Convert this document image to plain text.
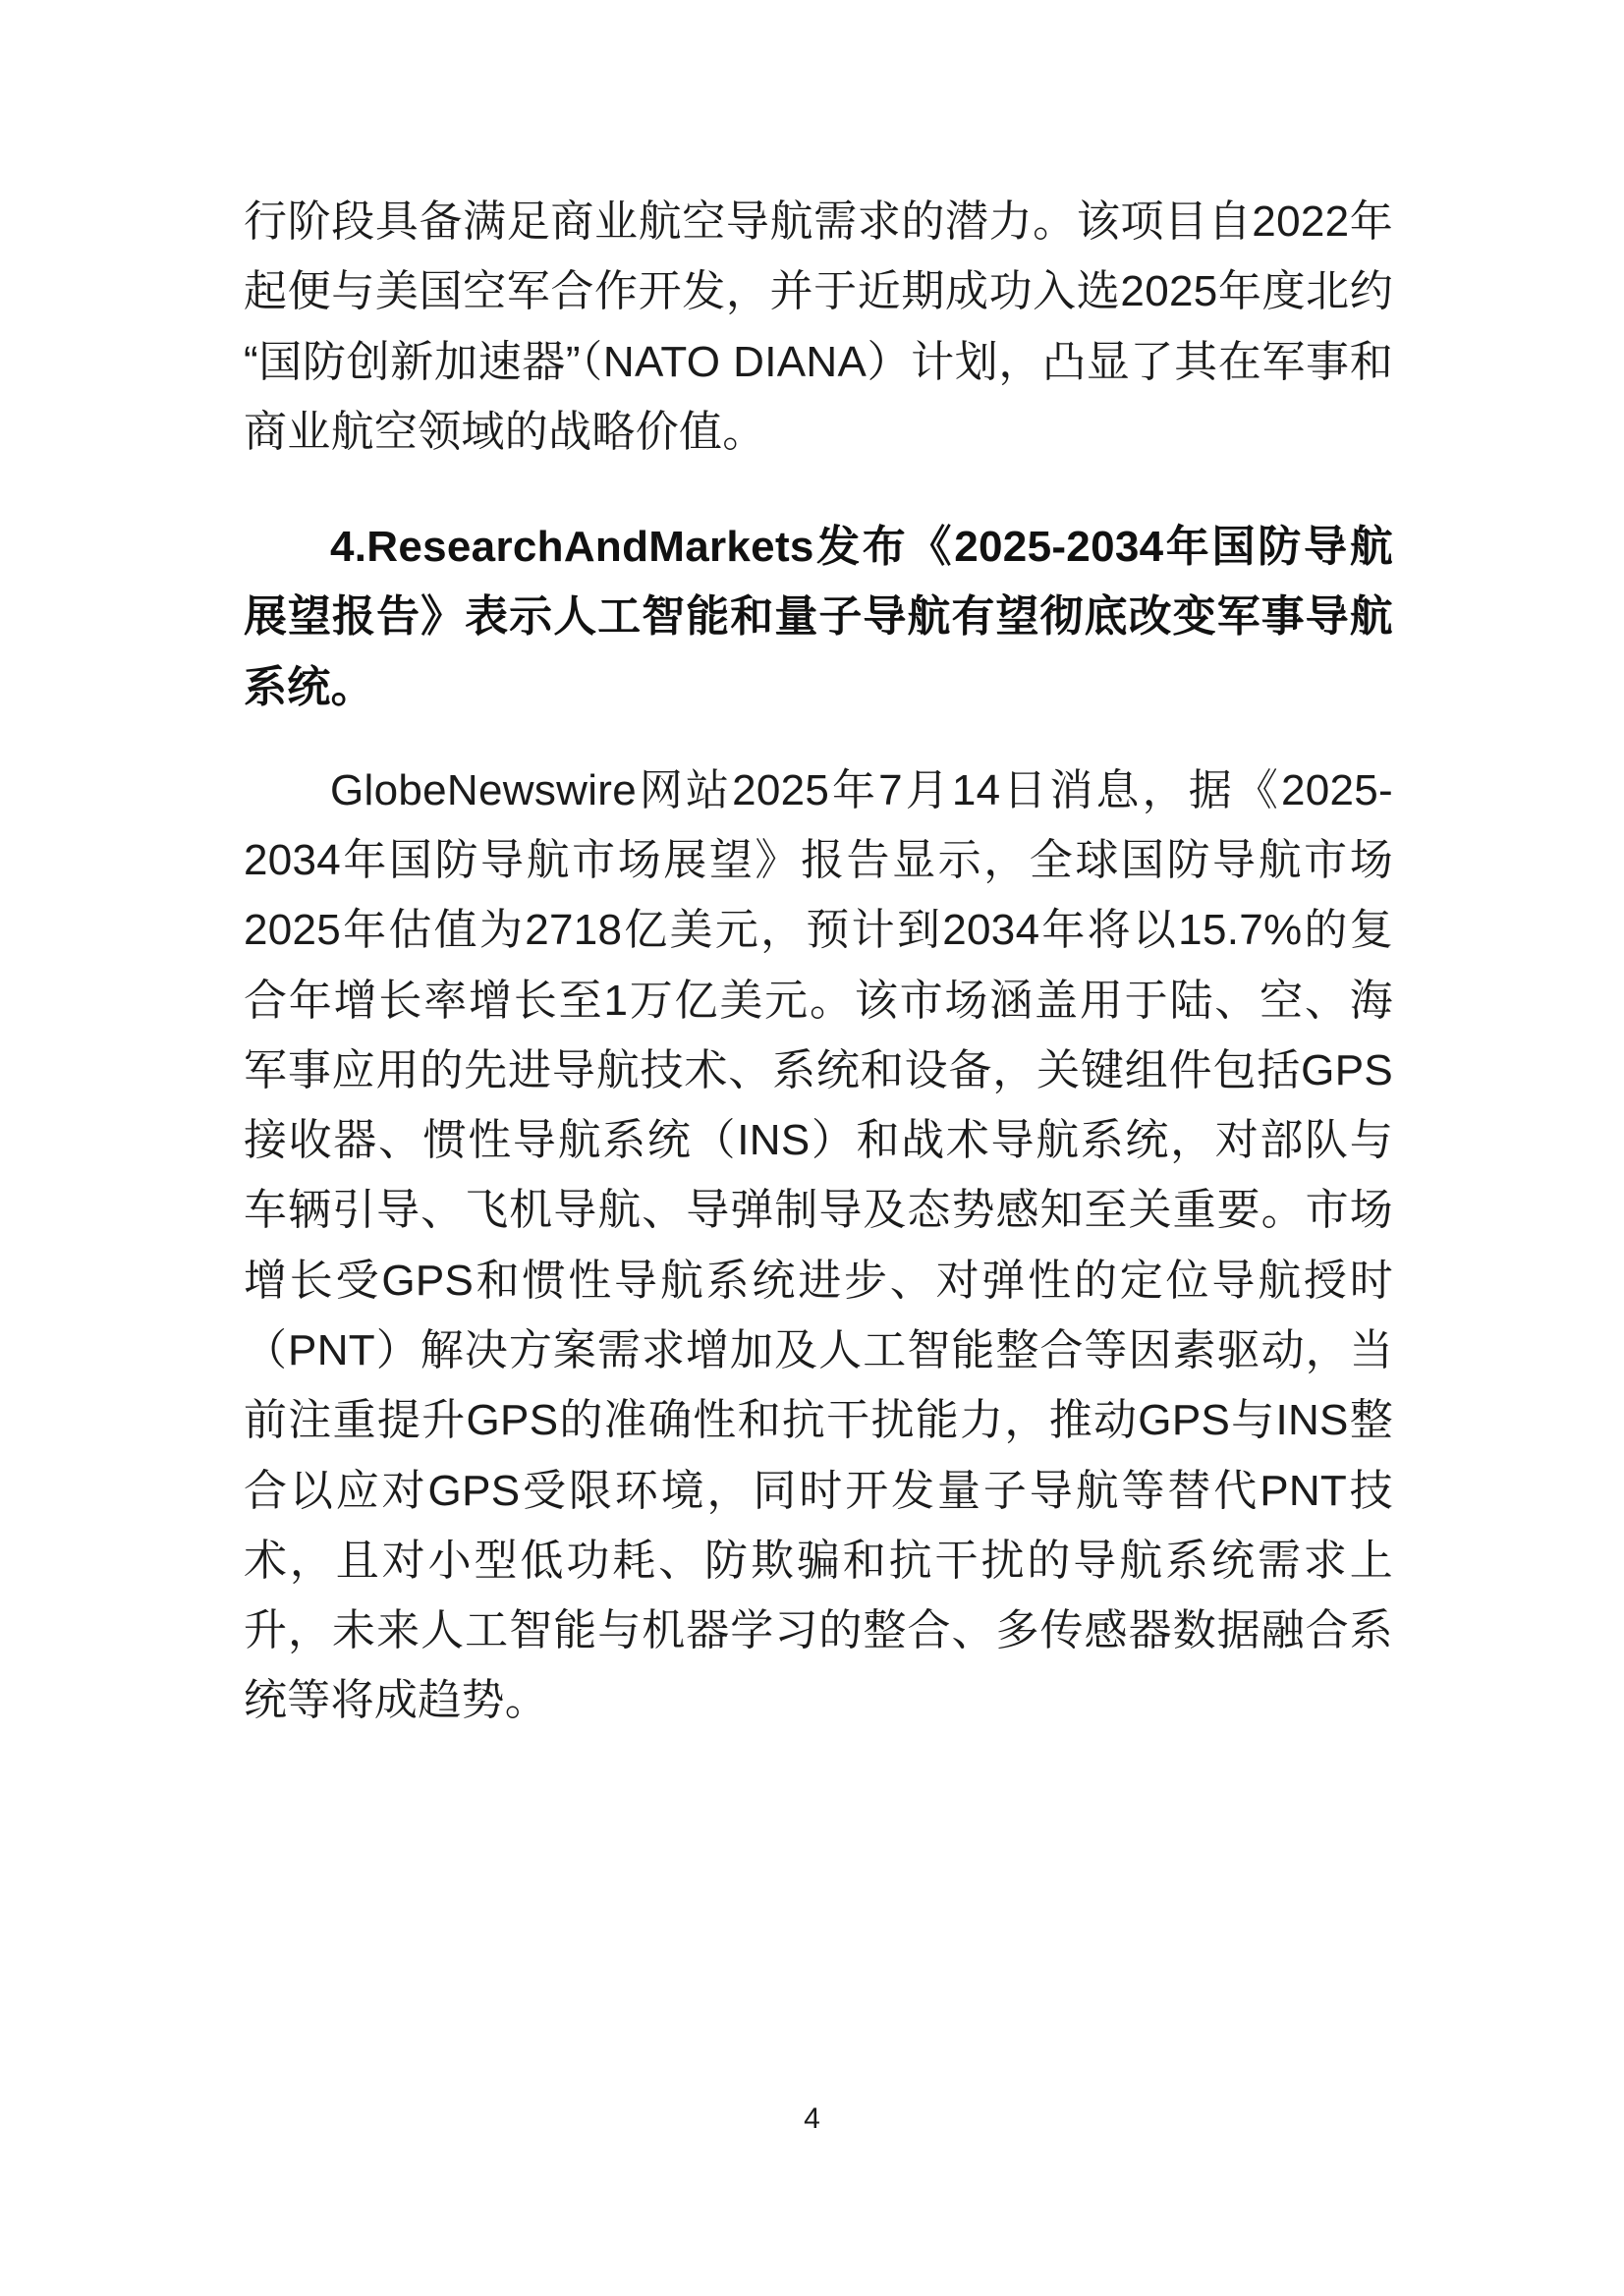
行阶段具备满足商业航空导航需求的潜力。该项目自2022年起便与美国空军合作开发，并于近期成功入选2025年度北约“国防创新加速器”（NATO DIANA）计划，凸显了其在军事和商业航空领域的战略价值。

4.ResearchAndMarkets发布《2025-2034年国防导航展望报告》表示人工智能和量子导航有望彻底改变军事导航系统。

GlobeNewswire网站2025年7月14日消息，据《2025-2034年国防导航市场展望》报告显示，全球国防导航市场2025年估值为2718亿美元，预计到2034年将以15.7%的复合年增长率增长至1万亿美元。该市场涵盖用于陆、空、海军事应用的先进导航技术、系统和设备，关键组件包括GPS接收器、惯性导航系统（INS）和战术导航系统，对部队与车辆引导、飞机导航、导弹制导及态势感知至关重要。市场增长受GPS和惯性导航系统进步、对弹性的定位导航授时（PNT）解决方案需求增加及人工智能整合等因素驱动，当前注重提升GPS的准确性和抗干扰能力，推动GPS与INS整合以应对GPS受限环境，同时开发量子导航等替代PNT技术，且对小型低功耗、防欺骗和抗干扰的导航系统需求上升，未来人工智能与机器学习的整合、多传感器数据融合系统等将成趋势。

4
